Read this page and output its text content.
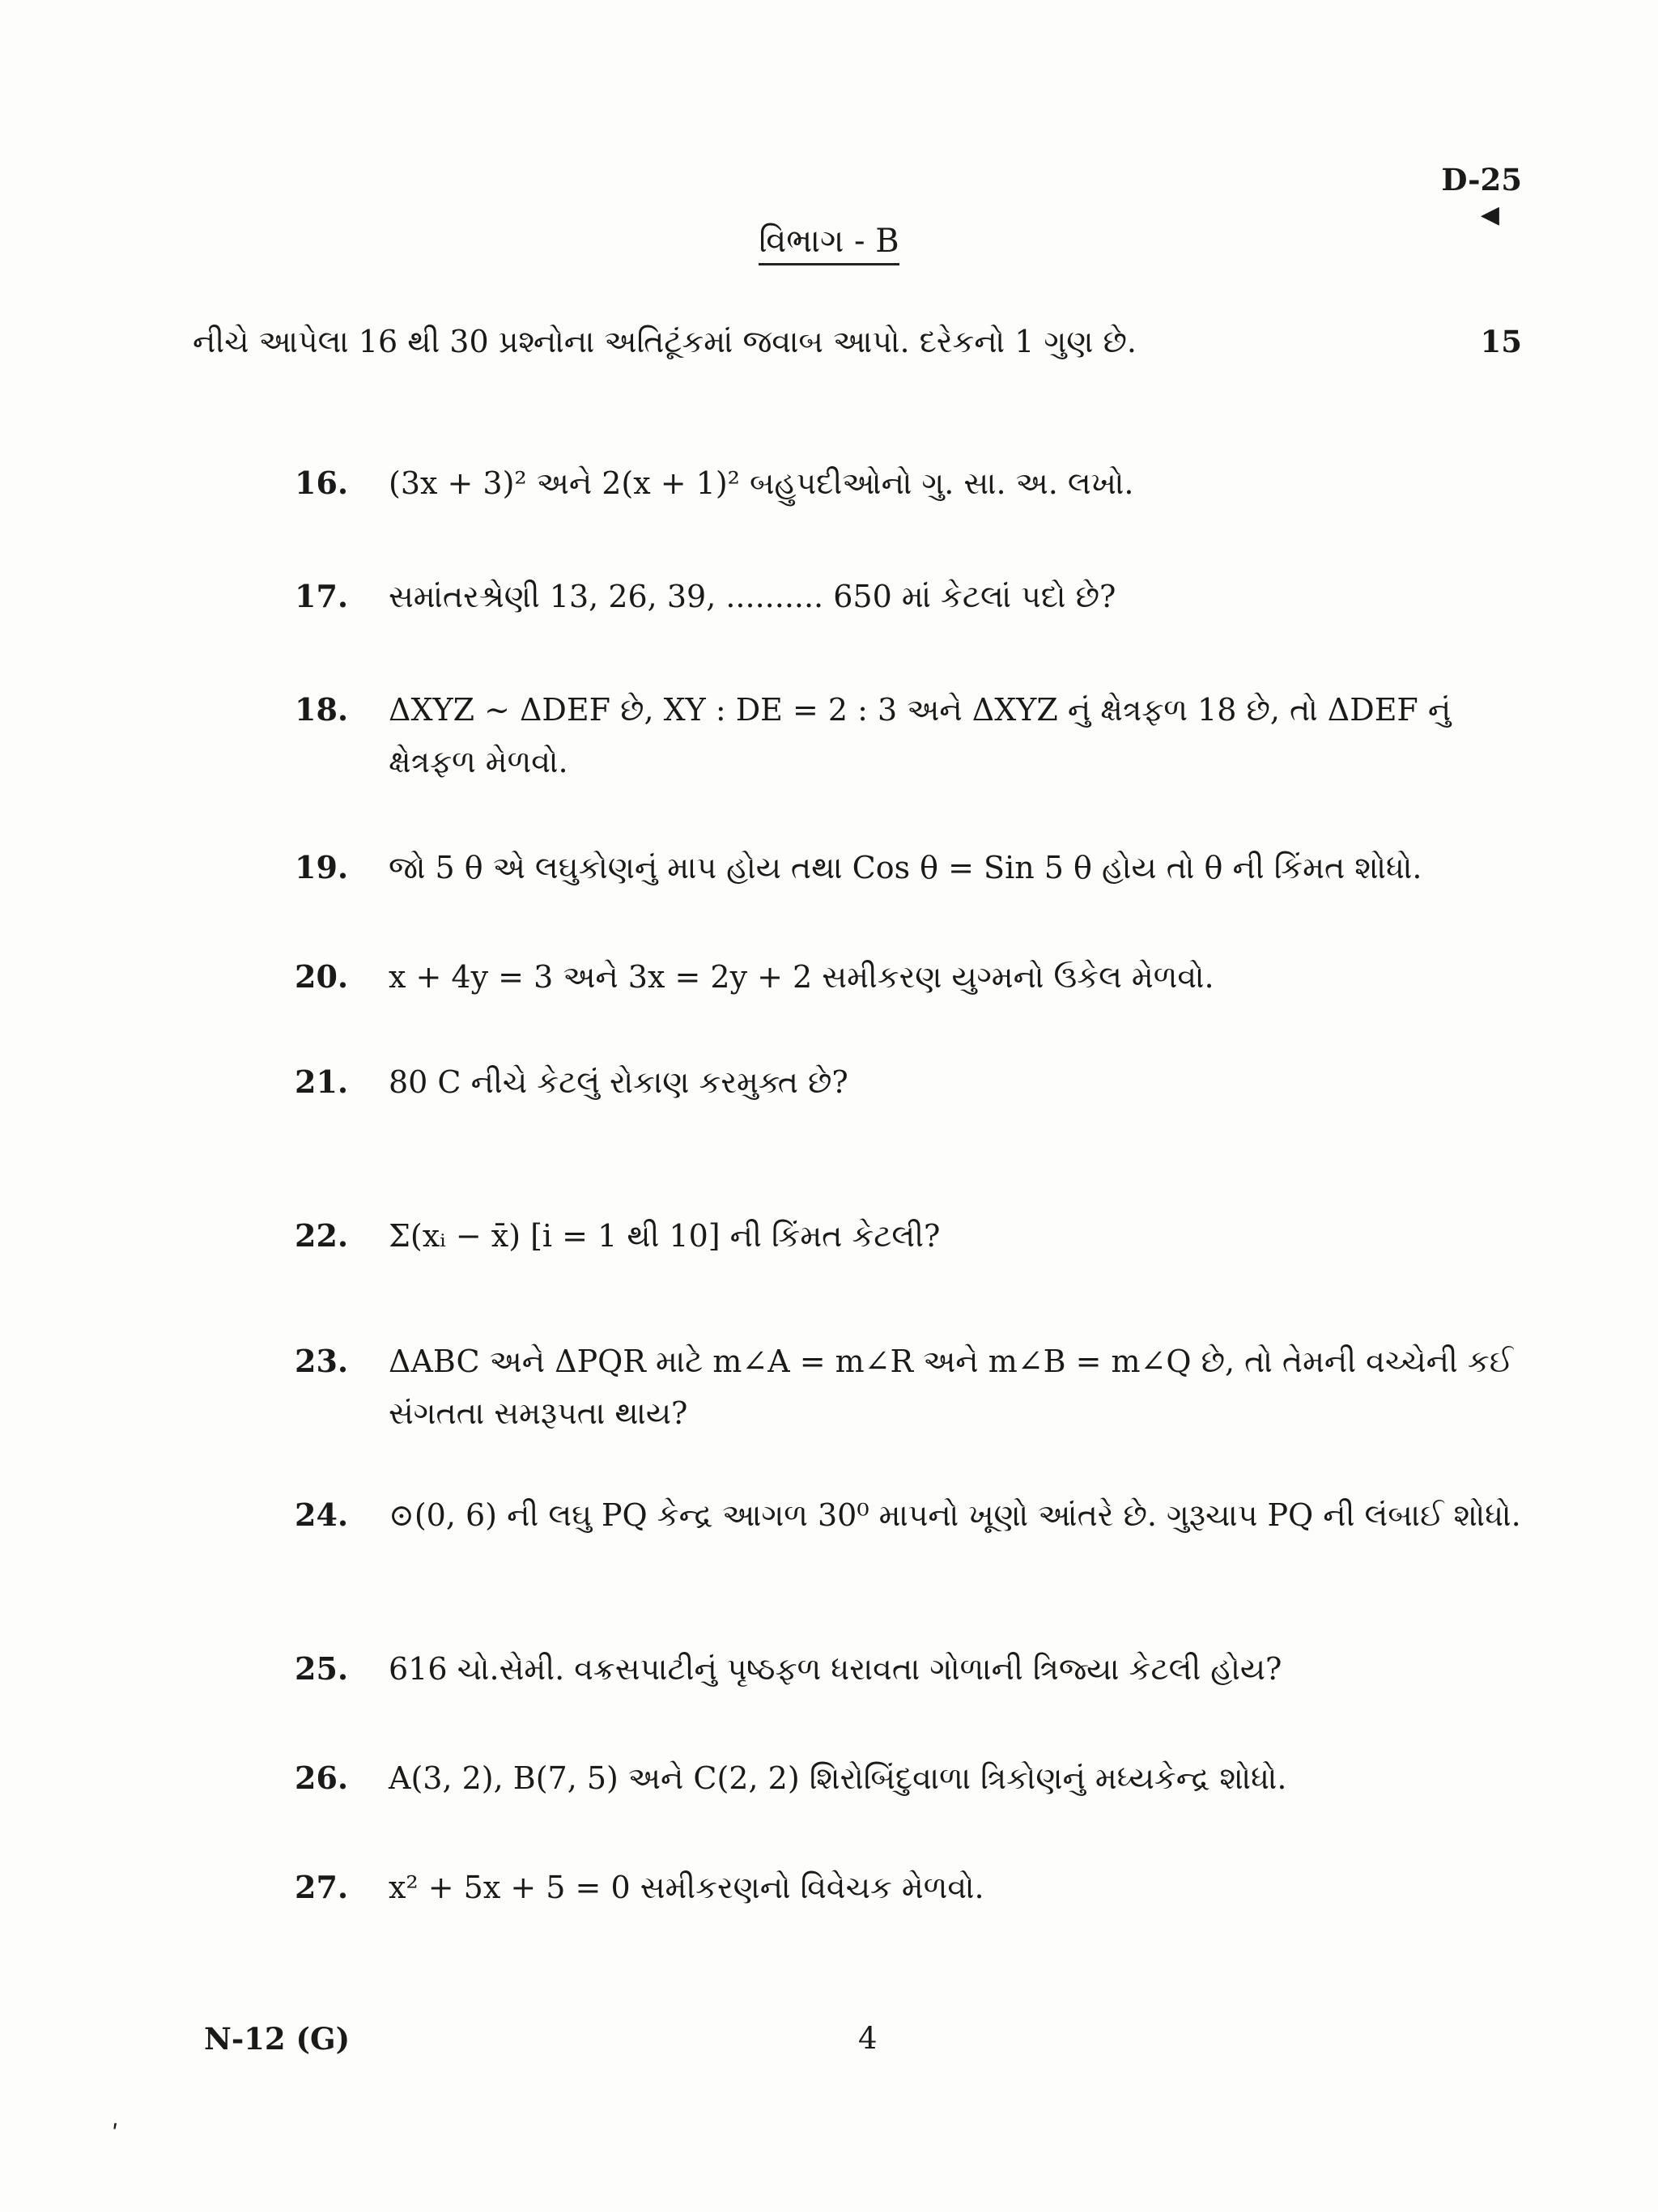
D-25
◀
વિભાગ - B
નીચે આપેલા 16 થી 30 પ્રશ્નોના અતિટૂંકમાં જવાબ આપો. દરેકનો 1 ગુણ છે.	15
16. (3x + 3)² અને 2(x + 1)² બહુપદીઓનો ગુ. સા. અ. લખો.
17. સમાંતરશ્રેણી 13, 26, 39, .......... 650 માં કેટલાં પદો છે?
18. ΔXYZ ~ ΔDEF છે, XY : DE = 2 : 3 અને ΔXYZ નું ક્ષેત્રફળ 18 છે, તો ΔDEF નું ક્ષેત્રફળ મેળવો.
19. જો 5 θ એ લઘુકોણનું માપ હોય તથા Cos θ = Sin 5 θ હોય તો θ ની કિંમત શોધો.
20. x + 4y = 3 અને 3x = 2y + 2 સમીકરણ યુગ્મનો ઉકેલ મેળવો.
21. 80 C નીચે કેટલું રોકાણ કરમુક્ત છે?
22. Σ(xᵢ − x̄) [i = 1 થી 10] ની કિંમત કેટલી?
23. ΔABC અને ΔPQR માટે m∠A = m∠R અને m∠B = m∠Q છે, તો તેમની વચ્ચેની કઈ સંગતતા સમરૂપતા થાય?
24. ⊙(0, 6) ની લઘુ PQ કેન્દ્ર આગળ 30⁰ માપનો ખૂણો આંતરે છે. ગુરૂચાપ PQ ની લંબાઈ શોધો.
25. 616 ચો.સેમી. વક્રસપાટીનું પૃષ્ઠફળ ધરાવતા ગોળાની ત્રિજ્યા કેટલી હોય?
26. A(3, 2), B(7, 5) અને C(2, 2) શિરોબિંદુવાળા ત્રિકોણનું મધ્યકેન્દ્ર શોધો.
27. x² + 5x + 5 = 0 સમીકરણનો વિવેચક મેળવો.
N-12 (G)	4
ʹ
